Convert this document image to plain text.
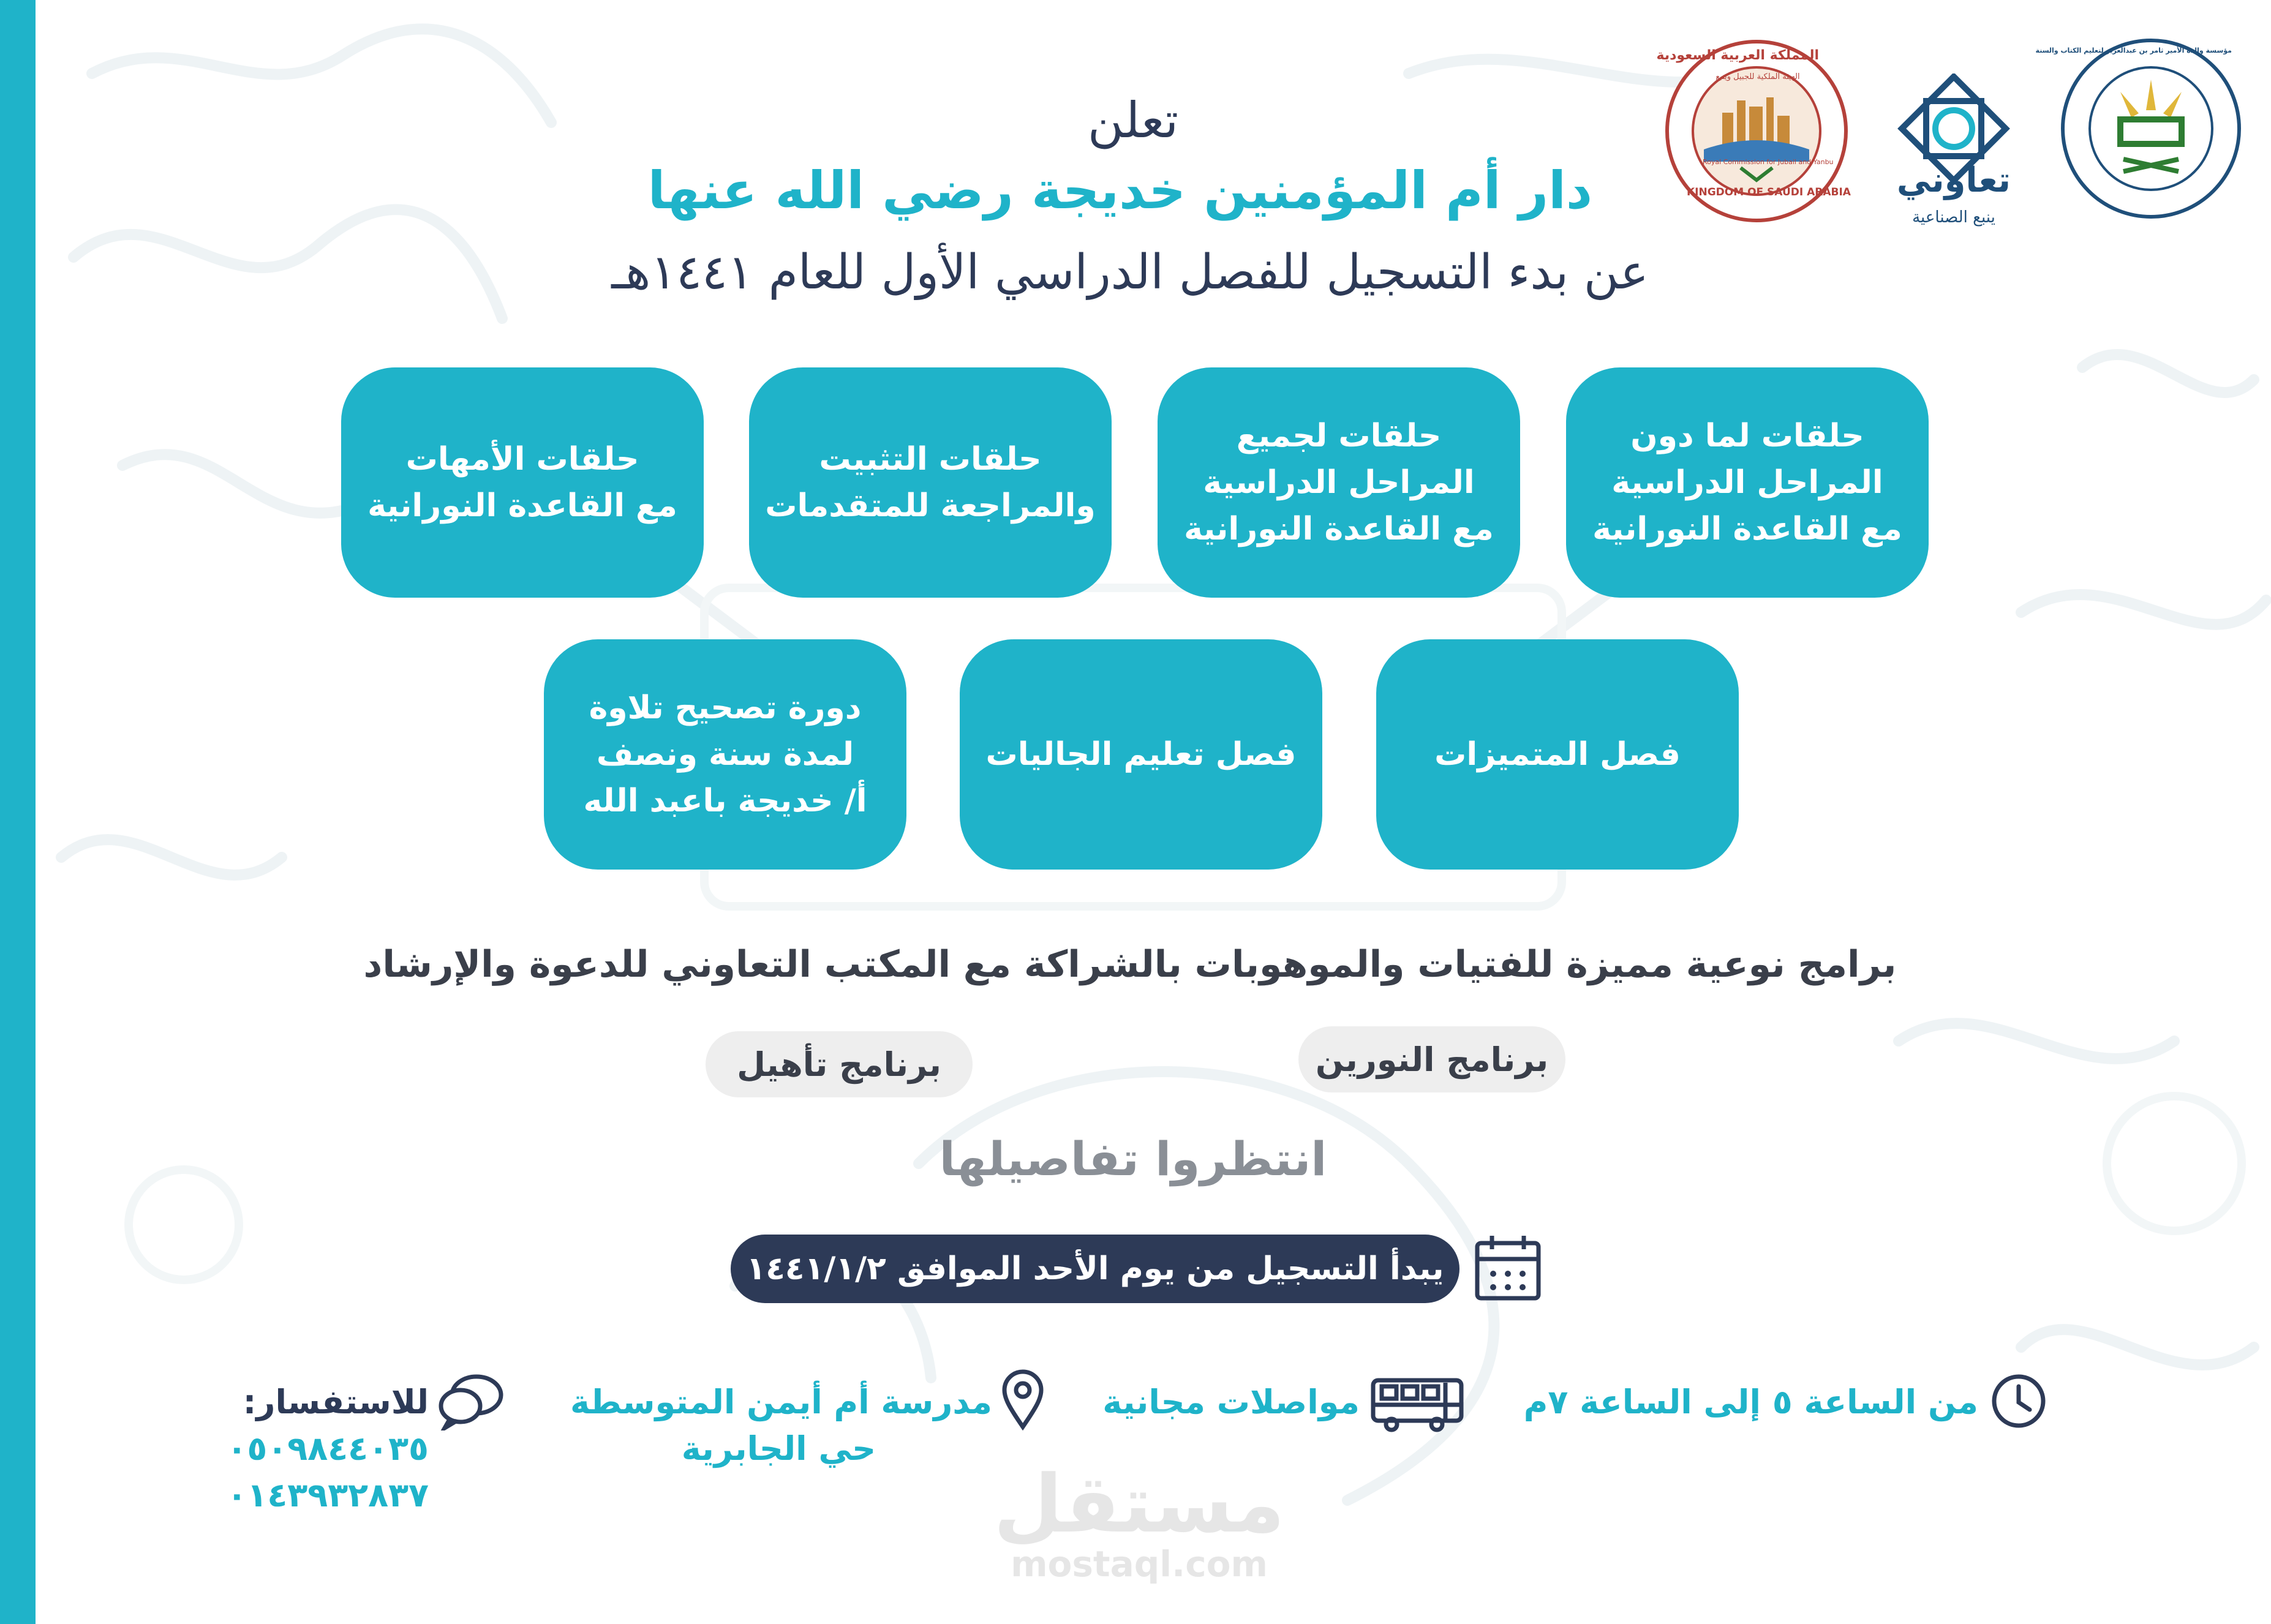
المملكة العربية السعودية
الهيئة الملكية للجبيل وينبع
Royal Commission for Jubail and Yanbu
KINGDOM OF SAUDI ARABIA تعاوني
ينبع الصناعية
مؤسسة والدة الأمير ثامر بن عبدالعزيز لتعليم الكتاب والسنة
تعلن
دار أم المؤمنين خديجة رضي الله عنها
عن بدء التسجيل للفصل الدراسي الأول للعام ١٤٤١هـ
حلقات لما دون
المراحل الدراسية
مع القاعدة النورانية
حلقات لجميع
المراحل الدراسية
مع القاعدة النورانية
حلقات التثبيت
والمراجعة للمتقدمات
حلقات الأمهات
مع القاعدة النورانية
فصل المتميزات
فصل تعليم الجاليات
دورة تصحيح تلاوة
لمدة سنة ونصف
أ/ خديجة باعبد الله
برامج نوعية مميزة للفتيات والموهوبات بالشراكة مع المكتب التعاوني للدعوة والإرشاد
برنامج النورين
برنامج تأهيل
انتظروا تفاصيلها
يبدأ التسجيل من يوم الأحد الموافق ١٤٤١/١/٢
من الساعة ٥ إلى الساعة ٧م
مواصلات مجانية
مدرسة أم أيمن المتوسطة
حي الجابرية
للاستفسار:
٠٥٠٩٨٤٤٠٣٥
٠١٤٣٩٣٢٨٣٧	مستقل
mostaql.com
